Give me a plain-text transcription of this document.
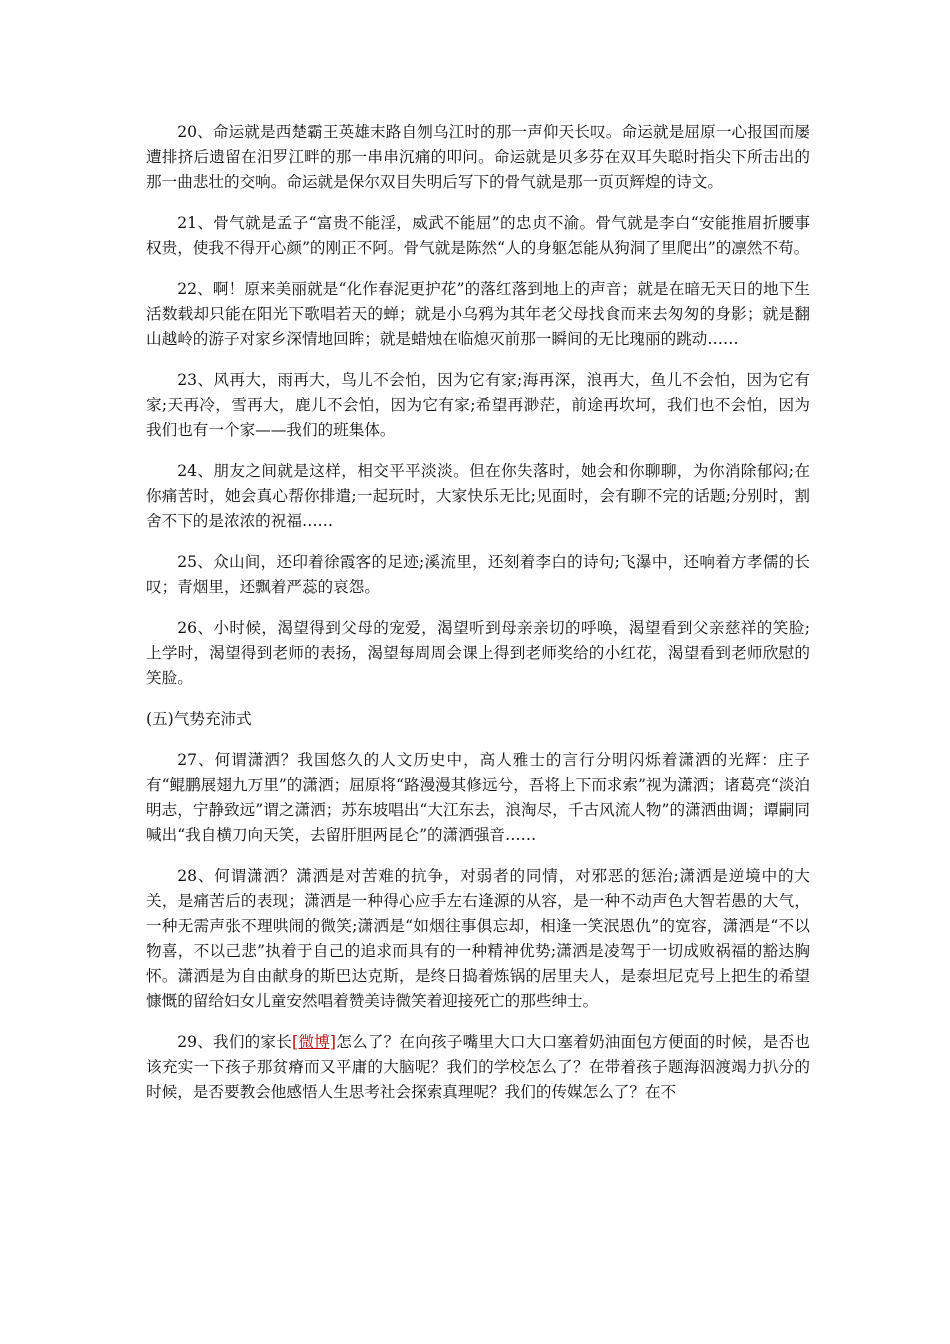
20、命运就是西楚霸王英雄末路自刎乌江时的那一声仰天长叹。命运就是屈原一心报国而屡遭排挤后遗留在汨罗江畔的那一串串沉痛的叩问。命运就是贝多芬在双耳失聪时指尖下所击出的那一曲悲壮的交响。命运就是保尔双目失明后写下的骨气就是那一页页辉煌的诗文。

21、骨气就是孟子“富贵不能淫，威武不能屈”的忠贞不渝。骨气就是李白“安能推眉折腰事权贵，使我不得开心颜”的刚正不阿。骨气就是陈然“人的身躯怎能从狗洞了里爬出”的凛然不苟。

22、啊！原来美丽就是“化作春泥更护花”的落红落到地上的声音；就是在暗无天日的地下生活数载却只能在阳光下歌唱若天的蝉；就是小乌鸦为其年老父母找食而来去匆匆的身影；就是翻山越岭的游子对家乡深情地回眸；就是蜡烛在临熄灭前那一瞬间的无比瑰丽的跳动……

23、风再大，雨再大，鸟儿不会怕，因为它有家;海再深，浪再大，鱼儿不会怕，因为它有家;天再冷，雪再大，鹿儿不会怕，因为它有家;希望再渺茫，前途再坎坷，我们也不会怕，因为我们也有一个家——我们的班集体。

24、朋友之间就是这样，相交平平淡淡。但在你失落时，她会和你聊聊，为你消除郁闷;在你痛苦时，她会真心帮你排遣;一起玩时，大家快乐无比;见面时，会有聊不完的话题;分别时，割舍不下的是浓浓的祝福……

25、众山间，还印着徐霞客的足迹;溪流里，还刻着李白的诗句;飞瀑中，还响着方孝儒的长叹；青烟里，还飘着严蕊的哀怨。

26、小时候，渴望得到父母的宠爱，渴望听到母亲亲切的呼唤，渴望看到父亲慈祥的笑脸;上学时，渴望得到老师的表扬，渴望每周周会课上得到老师奖给的小红花，渴望看到老师欣慰的笑脸。

(五)气势充沛式

27、何谓潇洒？我国悠久的人文历史中，高人雅士的言行分明闪烁着潇洒的光辉：庄子有“鲲鹏展翅九万里”的潇洒；屈原将“路漫漫其修远兮，吾将上下而求索”视为潇洒；诸葛亮“淡泊明志，宁静致远”谓之潇洒；苏东坡唱出“大江东去，浪淘尽，千古风流人物”的潇洒曲调；谭嗣同喊出“我自横刀向天笑，去留肝胆两昆仑”的潇洒强音……

28、何谓潇洒？潇洒是对苦难的抗争，对弱者的同情，对邪恶的惩治;潇洒是逆境中的大关，是痛苦后的表现；潇洒是一种得心应手左右逢源的从容，是一种不动声色大智若愚的大气，一种无需声张不理哄闹的微笑;潇洒是“如烟往事俱忘却，相逢一笑泯恩仇”的宽容，潇洒是“不以物喜，不以己悲”执着于自己的追求而具有的一种精神优势;潇洒是凌驾于一切成败祸福的豁达胸怀。潇洒是为自由献身的斯巴达克斯，是终日捣着炼锅的居里夫人，是泰坦尼克号上把生的希望慷慨的留给妇女儿童安然唱着赞美诗微笑着迎接死亡的那些绅士。

29、我们的家长[微博]怎么了？在向孩子嘴里大口大口塞着奶油面包方便面的时候，是否也该充实一下孩子那贫瘠而又平庸的大脑呢？我们的学校怎么了？在带着孩子题海泅渡竭力扒分的时候，是否要教会他感悟人生思考社会探索真理呢？我们的传媒怎么了？在不
